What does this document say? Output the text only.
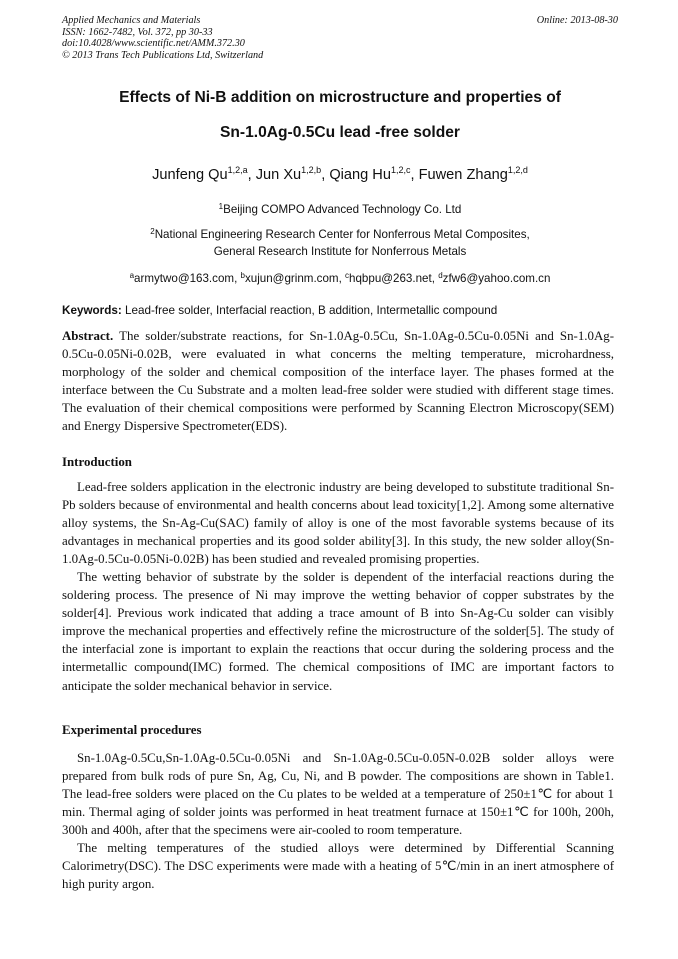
Applied Mechanics and Materials
ISSN: 1662-7482, Vol. 372, pp 30-33
doi:10.4028/www.scientific.net/AMM.372.30
© 2013 Trans Tech Publications Ltd, Switzerland
Online: 2013-08-30
Effects of Ni-B addition on microstructure and properties of
Sn-1.0Ag-0.5Cu lead -free solder
Junfeng Qu$^{1,2,a}$, Jun Xu$^{1,2,b}$, Qiang Hu$^{1,2,c}$, Fuwen Zhang$^{1,2,d}$
$^1$Beijing COMPO Advanced Technology Co. Ltd
$^2$National Engineering Research Center for Nonferrous Metal Composites,
General Research Institute for Nonferrous Metals
$^a$armytwo@163.com, $^b$xujun@grinm.com, $^c$hqbpu@263.net, $^d$zfw6@yahoo.com.cn
Keywords: Lead-free solder, Interfacial reaction, B addition, Intermetallic compound
Abstract. The solder/substrate reactions, for Sn-1.0Ag-0.5Cu, Sn-1.0Ag-0.5Cu-0.05Ni and Sn-1.0Ag-0.5Cu-0.05Ni-0.02B, were evaluated in what concerns the melting temperature, microhardness, morphology of the solder and chemical composition of the interface layer. The phases formed at the interface between the Cu Substrate and a molten lead-free solder were studied with different stage times. The evaluation of their chemical compositions were performed by Scanning Electron Microscopy(SEM) and Energy Dispersive Spectrometer(EDS).
Introduction

Lead-free solders application in the electronic industry are being developed to substitute traditional Sn-Pb solders because of environmental and health concerns about lead toxicity[1,2]. Among some alternative alloy systems, the Sn-Ag-Cu(SAC) family of alloy is one of the most favorable systems because of its advantages in mechanical properties and its good solder ability[3]. In this study, the new solder alloy(Sn-1.0Ag-0.5Cu-0.05Ni-0.02B) has been studied and revealed promising properties.

The wetting behavior of substrate by the solder is dependent of the interfacial reactions during the soldering process. The presence of Ni may improve the wetting behavior of copper substrates by the solder[4]. Previous work indicated that adding a trace amount of B into Sn-Ag-Cu solder can visibly improve the mechanical properties and effectively refine the microstructure of the solder[5]. The study of the interfacial zone is important to explain the reactions that occur during the soldering process and the intermetallic compound(IMC) formed. The chemical compositions of IMC are important factors to anticipate the solder mechanical behavior in service.

Experimental procedures

Sn-1.0Ag-0.5Cu,Sn-1.0Ag-0.5Cu-0.05Ni and Sn-1.0Ag-0.5Cu-0.05N-0.02B solder alloys were prepared from bulk rods of pure Sn, Ag, Cu, Ni, and B powder. The compositions are shown in Table1. The lead-free solders were placed on the Cu plates to be welded at a temperature of 250±1℃ for about 1 min. Thermal aging of solder joints was performed in heat treatment furnace at 150±1℃ for 100h, 200h, 300h and 400h, after that the specimens were air-cooled to room temperature.

The melting temperatures of the studied alloys were determined by Differential Scanning Calorimetry(DSC). The DSC experiments were made with a heating of 5℃/min in an inert atmosphere of high purity argon.
